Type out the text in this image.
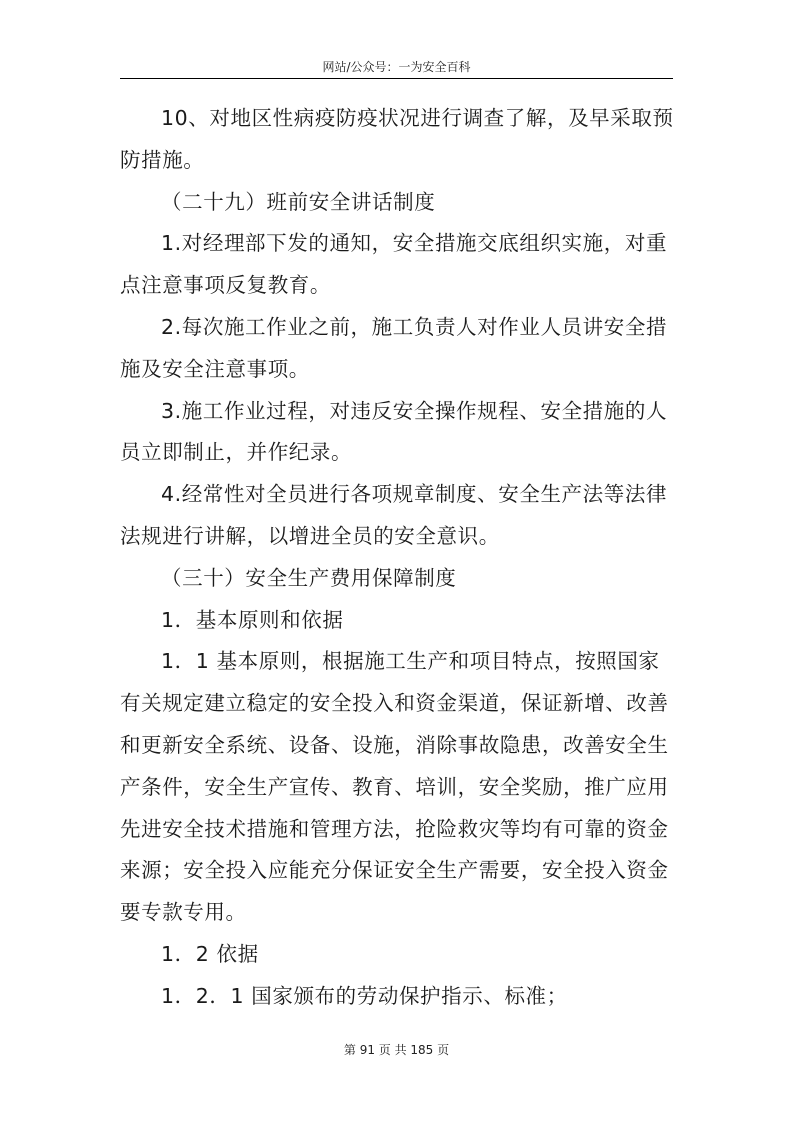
网站/公众号：一为安全百科

10、对地区性病疫防疫状况进行调查了解，及早采取预防措施。

（二十九）班前安全讲话制度

1.对经理部下发的通知，安全措施交底组织实施，对重点注意事项反复教育。

2.每次施工作业之前，施工负责人对作业人员讲安全措施及安全注意事项。

3.施工作业过程，对违反安全操作规程、安全措施的人员立即制止，并作纪录。

4.经常性对全员进行各项规章制度、安全生产法等法律法规进行讲解，以增进全员的安全意识。

（三十）安全生产费用保障制度

1．基本原则和依据

1．1 基本原则，根据施工生产和项目特点，按照国家有关规定建立稳定的安全投入和资金渠道，保证新增、改善和更新安全系统、设备、设施，消除事故隐患，改善安全生产条件，安全生产宣传、教育、培训，安全奖励，推广应用先进安全技术措施和管理方法，抢险救灾等均有可靠的资金来源；安全投入应能充分保证安全生产需要，安全投入资金要专款专用。

1．2 依据

1．2．1 国家颁布的劳动保护指示、标准；

第 91 页 共 185 页
